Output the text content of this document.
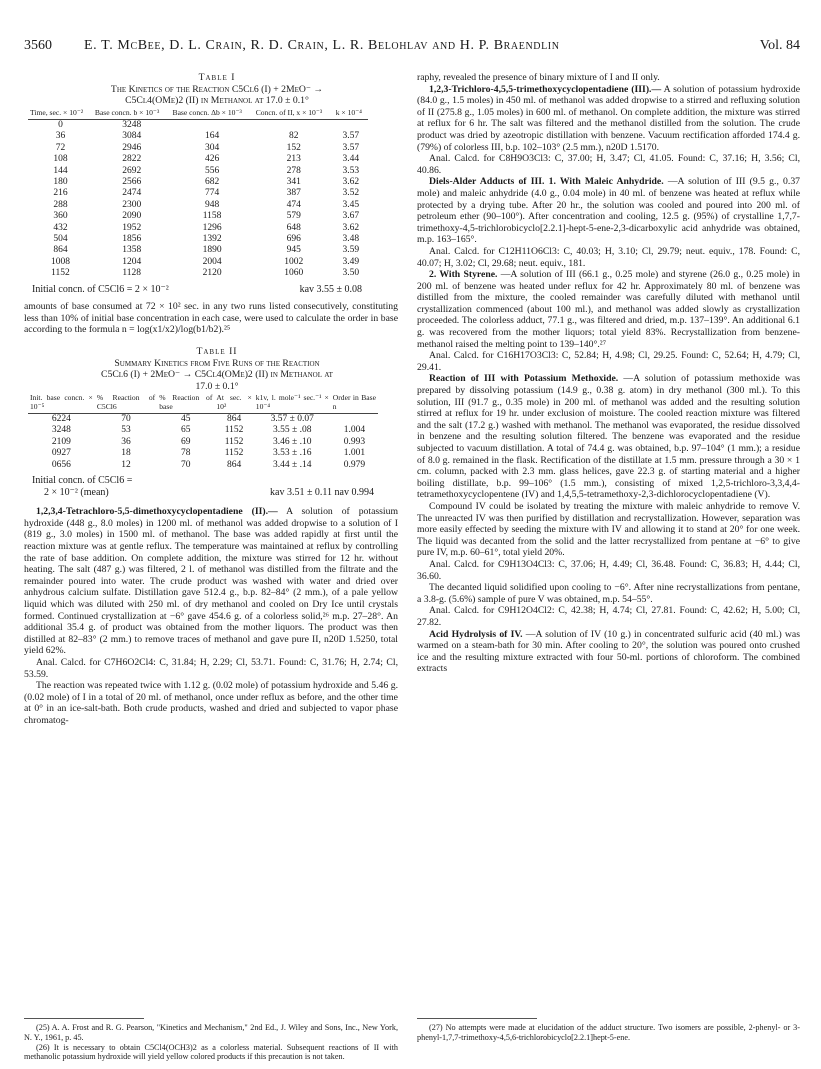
3560 E. T. McBee, D. L. Crain, R. D. Crain, L. R. Belohlav and H. P. Braendlin	Vol. 84

Table I

The Kinetics of the Reaction C5Cl6 (I) + 2MeO⁻ →

C5Cl4(OMe)2 (II) in Methanol at 17.0 ± 0.1°

Time, sec. × 10⁻²	Base concn. b × 10⁻³	Base concn. Δb × 10⁻³	Concn. of II, x × 10⁻³	k × 10⁻⁴
0	3248			
36	3084	164	82	3.57
72	2946	304	152	3.57
108	2822	426	213	3.44
144	2692	556	278	3.53
180	2566	682	341	3.62
216	2474	774	387	3.52
288	2300	948	474	3.45
360	2090	1158	579	3.67
432	1952	1296	648	3.62
504	1856	1392	696	3.48
864	1358	1890	945	3.59
1008	1204	2004	1002	3.49
1152	1128	2120	1060	3.50
Initial concn. of C5Cl6 = 2 × 10⁻²	kav 3.55 ± 0.08

amounts of base consumed at 72 × 10² sec. in any two runs listed consecutively, constituting less than 10% of initial base concentration in each case, were used to calculate the order in base according to the formula n = log(x1/x2)/log(b1/b2).²⁵

Table II

Summary Kinetics from Five Runs of the Reaction

C5Cl6 (I) + 2MeO⁻ → C5Cl4(OMe)2 (II) in Methanol at

17.0 ± 0.1°

Init. base concn. × 10⁻⁵	% Reaction of C5Cl6	% Reaction of base	At sec. × 10²	k1v, l. mole⁻¹ sec.⁻¹ × 10⁻⁴	Order in Base n
6224	70	45	864	3.57 ± 0.07	
3248	53	65	1152	3.55 ± .08	1.004
2109	36	69	1152	3.46 ± .10	0.993
0927	18	78	1152	3.53 ± .16	1.001
0656	12	70	864	3.44 ± .14	0.979
Initial concn. of C5Cl6 =
2 × 10⁻² (mean)	kav 3.51 ± 0.11 nav 0.994

1,2,3,4-Tetrachloro-5,5-dimethoxycyclopentadiene (II).— A solution of potassium hydroxide (448 g., 8.0 moles) in 1200 ml. of methanol was added dropwise to a solution of I (819 g., 3.0 moles) in 1500 ml. of methanol. The base was added rapidly at first until the reaction mixture was at gentle reflux. The temperature was maintained at reflux by controlling the rate of base addition. On complete addition, the mixture was stirred for 12 hr. without heating. The salt (487 g.) was filtered, 2 l. of methanol was distilled from the filtrate and the remainder poured into water. The crude product was washed with water and dried over anhydrous calcium sulfate. Distillation gave 512.4 g., b.p. 82–84° (2 mm.), of a pale yellow liquid which was diluted with 250 ml. of dry methanol and cooled on Dry Ice until crystals formed. Continued crystallization at −6° gave 454.6 g. of a colorless solid,²⁶ m.p. 27–28°. An additional 35.4 g. of product was obtained from the mother liquors. The product was then distilled at 82–83° (2 mm.) to remove traces of methanol and gave pure II, n20D 1.5250, total yield 62%.

Anal. Calcd. for C7H6O2Cl4: C, 31.84; H, 2.29; Cl, 53.71. Found: C, 31.76; H, 2.74; Cl, 53.59.

The reaction was repeated twice with 1.12 g. (0.02 mole) of potassium hydroxide and 5.46 g. (0.02 mole) of I in a total of 20 ml. of methanol, once under reflux as before, and the other time at 0° in an ice-salt-bath. Both crude products, washed and dried and subjected to vapor phase chromatog-

raphy, revealed the presence of binary mixture of I and II only.

1,2,3-Trichloro-4,5,5-trimethoxycyclopentadiene (III).— A solution of potassium hydroxide (84.0 g., 1.5 moles) in 450 ml. of methanol was added dropwise to a stirred and refluxing solution of II (275.8 g., 1.05 moles) in 600 ml. of methanol. On complete addition, the mixture was stirred at reflux for 6 hr. The salt was filtered and the methanol distilled from the solution. The crude product was dried by azeotropic distillation with benzene. Vacuum rectification afforded 174.4 g. (79%) of colorless III, b.p. 102–103° (2.5 mm.), n20D 1.5170.

Anal. Calcd. for C8H9O3Cl3: C, 37.00; H, 3.47; Cl, 41.05. Found: C, 37.16; H, 3.56; Cl, 40.86.

Diels-Alder Adducts of III. 1. With Maleic Anhydride. —A solution of III (9.5 g., 0.37 mole) and maleic anhydride (4.0 g., 0.04 mole) in 40 ml. of benzene was heated at reflux while protected by a drying tube. After 20 hr., the solution was cooled and poured into 200 ml. of petroleum ether (90–100°). After concentration and cooling, 12.5 g. (95%) of crystalline 1,7,7-trimethoxy-4,5-trichlorobicyclo[2.2.1]-hept-5-ene-2,3-dicarboxylic acid anhydride was obtained, m.p. 163–165°.

Anal. Calcd. for C12H11O6Cl3: C, 40.03; H, 3.10; Cl, 29.79; neut. equiv., 178. Found: C, 40.07; H, 3.02; Cl, 29.68; neut. equiv., 181.

2. With Styrene. —A solution of III (66.1 g., 0.25 mole) and styrene (26.0 g., 0.25 mole) in 200 ml. of benzene was heated under reflux for 42 hr. Approximately 80 ml. of benzene was distilled from the mixture, the cooled remainder was carefully diluted with methanol until crystallization commenced (about 100 ml.), and methanol was added slowly as crystallization proceeded. The colorless adduct, 77.1 g., was filtered and dried, m.p. 137–139°. An additional 6.1 g. was recovered from the mother liquors; total yield 83%. Recrystallization from benzene-methanol raised the melting point to 139–140°.²⁷

Anal. Calcd. for C16H17O3Cl3: C, 52.84; H, 4.98; Cl, 29.25. Found: C, 52.64; H, 4.79; Cl, 29.41.

Reaction of III with Potassium Methoxide. —A solution of potassium methoxide was prepared by dissolving potassium (14.9 g., 0.38 g. atom) in dry methanol (300 ml.). To this solution, III (91.7 g., 0.35 mole) in 200 ml. of methanol was added and the resulting solution stirred at reflux for 19 hr. under exclusion of moisture. The cooled reaction mixture was filtered and the salt (17.2 g.) washed with methanol. The methanol was evaporated, the residue dissolved in benzene and the resulting solution filtered. The benzene was evaporated and the residue subjected to vacuum distillation. A total of 74.4 g. was obtained, b.p. 97–104° (1 mm.); a residue of 8.0 g. remained in the flask. Rectification of the distillate at 1.5 mm. pressure through a 30 × 1 cm. column, packed with 2.3 mm. glass helices, gave 22.3 g. of starting material and a higher boiling distillate, b.p. 99–106° (1.5 mm.), consisting of mixed 1,2,5-trichloro-3,3,4,4-tetramethoxycyclopentene (IV) and 1,4,5,5-tetramethoxy-2,3-dichlorocyclopentadiene (V).

Compound IV could be isolated by treating the mixture with maleic anhydride to remove V. The unreacted IV was then purified by distillation and recrystallization. However, separation was more easily effected by seeding the mixture with IV and allowing it to stand at 20° for one week. The liquid was decanted from the solid and the latter recrystallized from pentane at −6° to give pure IV, m.p. 60–61°, total yield 20%.

Anal. Calcd. for C9H13O4Cl3: C, 37.06; H, 4.49; Cl, 36.48. Found: C, 36.83; H, 4.44; Cl, 36.60.

The decanted liquid solidified upon cooling to −6°. After nine recrystallizations from pentane, a 3.8-g. (5.6%) sample of pure V was obtained, m.p. 54–55°.

Anal. Calcd. for C9H12O4Cl2: C, 42.38; H, 4.74; Cl, 27.81. Found: C, 42.62; H, 5.00; Cl, 27.82.

Acid Hydrolysis of IV. —A solution of IV (10 g.) in concentrated sulfuric acid (40 ml.) was warmed on a steam-bath for 30 min. After cooling to 20°, the solution was poured onto crushed ice and the resulting mixture extracted with four 50-ml. portions of chloroform. The combined extracts

(25) A. A. Frost and R. G. Pearson, "Kinetics and Mechanism," 2nd Ed., J. Wiley and Sons, Inc., New York, N. Y., 1961, p. 45.

(26) It is necessary to obtain C5Cl4(OCH3)2 as a colorless material. Subsequent reactions of II with methanolic potassium hydroxide will yield yellow colored products if this precaution is not taken.

(27) No attempts were made at elucidation of the adduct structure. Two isomers are possible, 2-phenyl- or 3-phenyl-1,7,7-trimethoxy-4,5,6-trichlorobicyclo[2.2.1]hept-5-ene.
